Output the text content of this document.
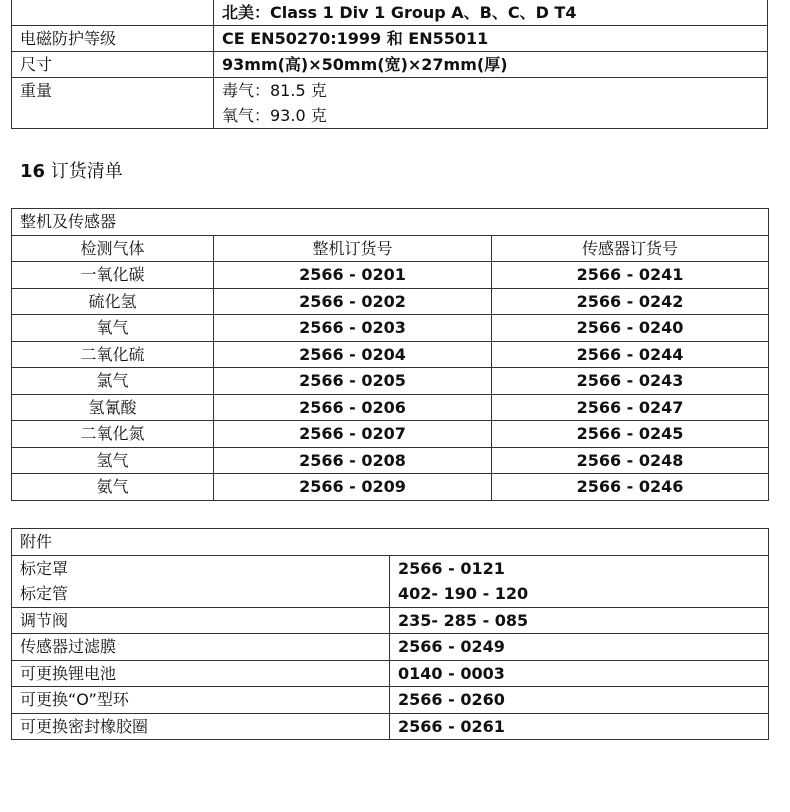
	北美：Class 1 Div 1 Group A、B、C、D T4
电磁防护等级	CE EN50270:1999 和 EN55011
尺寸	93mm(高)×50mm(宽)×27mm(厚)
重量	毒气：81.5 克
氧气：93.0 克
16 订货清单
整机及传感器		
检测气体	整机订货号	传感器订货号
一氧化碳	2566 - 0201	2566 - 0241
硫化氢	2566 - 0202	2566 - 0242
氧气	2566 - 0203	2566 - 0240
二氧化硫	2566 - 0204	2566 - 0244
氯气	2566 - 0205	2566 - 0243
氢氰酸	2566 - 0206	2566 - 0247
二氧化氮	2566 - 0207	2566 - 0245
氢气	2566 - 0208	2566 - 0248
氨气	2566 - 0209	2566 - 0246
附件	
标定罩	2566 - 0121
标定管	402- 190 - 120
调节阀	235- 285 - 085
传感器过滤膜	2566 - 0249
可更换锂电池	0140 - 0003
可更换“O”型环	2566 - 0260
可更换密封橡胶圈	2566 - 0261
